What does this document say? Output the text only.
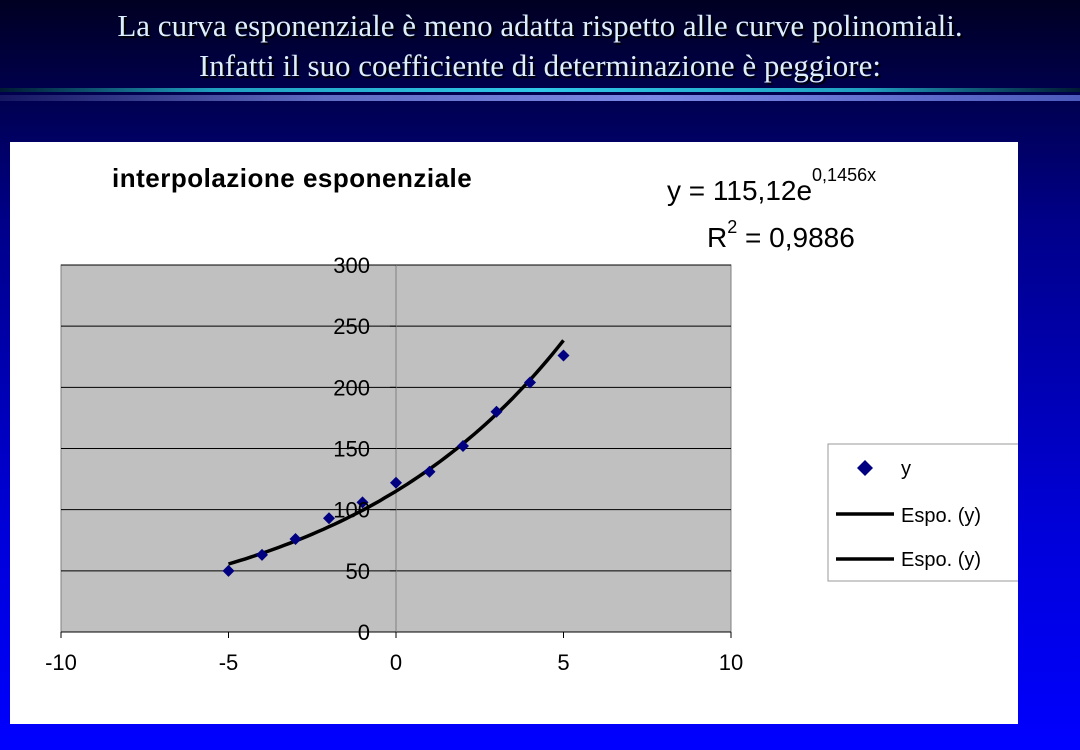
La curva esponenziale è meno adatta rispetto alle curve polinomiali.
Infatti il suo coefficiente di determinazione è peggiore:
-10	-5	0	5	10
0
50
100
150
200
250
300
interpolazione esponenziale	$y = 115,12e^{0,1456x}$
$R^2 = 0,9886$
y
Espo. (y)
Espo. (y)
